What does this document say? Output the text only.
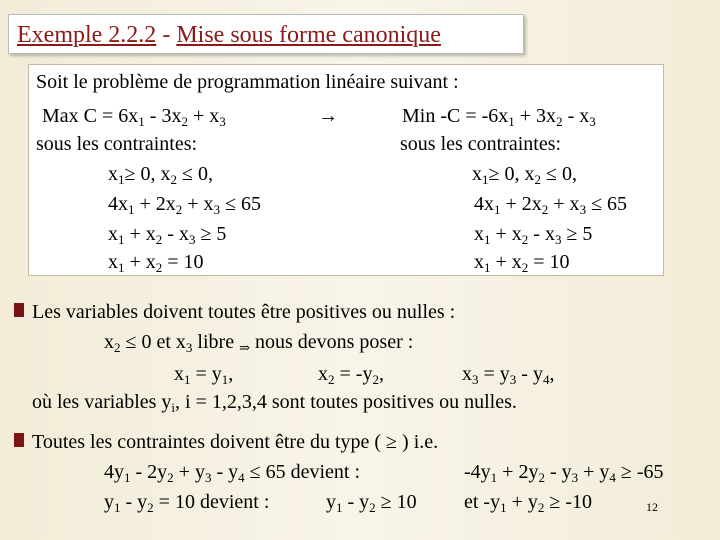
Exemple 2.2.2 - Mise sous forme canonique
Soit le problème de programmation linéaire suivant :
Max $C = 6x_1 - 3x_2 + x_3$	→	Min $-C = -6x_1 + 3x_2 - x_3$
sous les contraintes:	sous les contraintes:
$x_1\ge 0$, $x_2 \le 0$,	$x_1\ge 0$, $x_2 \le 0$,
$4x_1 + 2x_2 + x_3 \le 65$	$4x_1 + 2x_2 + x_3 \le 65$
$x_1 + x_2 - x_3 \ge 5$	$x_1 + x_2 - x_3 \ge 5$
$x_1 + x_2 = 10$	$x_1 + x_2 = 10$
Les variables doivent toutes être positives ou nulles :
$x_2 \le 0$ et $x_3$ libre $_\Rightarrow$ nous devons poser :
$x_1 = y_1$,	$x_2 = -y_2$,	$x_3 = y_3 - y_4$,
où les variables $y_i$, i = 1,2,3,4 sont toutes positives ou nulles.
Toutes les contraintes doivent être du type ( ≥ ) i.e.
$4y_1 - 2y_2 + y_3 - y_4 \le 65$ devient :	$-4y_1 + 2y_2 - y_3 + y_4 \ge -65$
$y_1 - y_2 = 10$ devient :	$y_1 - y_2 \ge 10$ et $-y_1 + y_2 \ge -10$	12
